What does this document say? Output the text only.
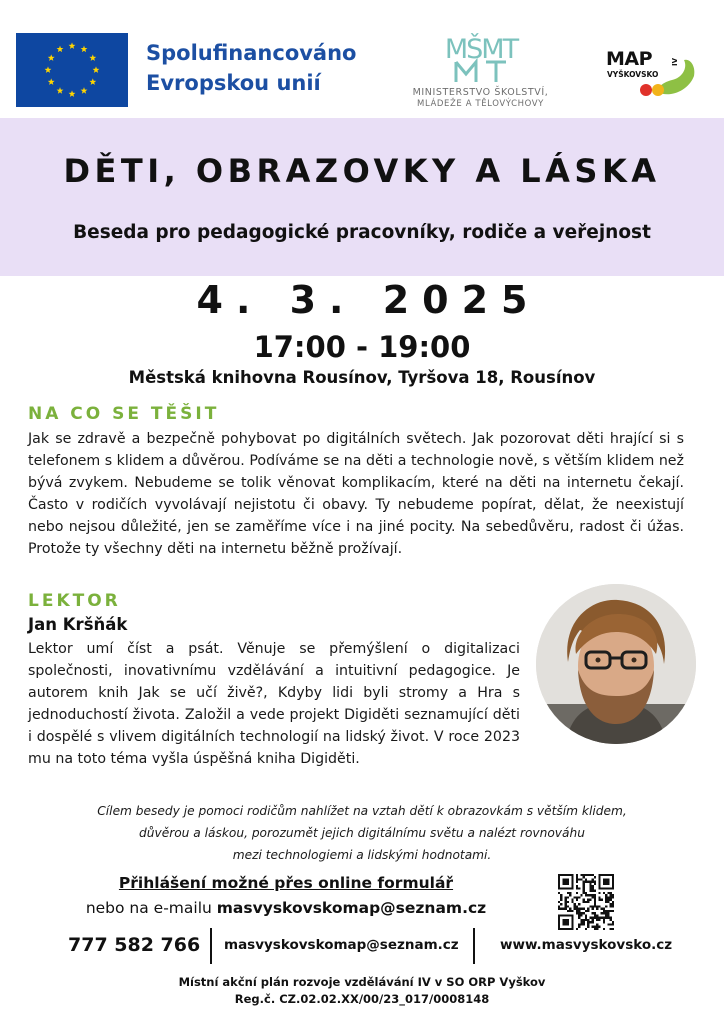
Spolufinancováno
Evropskou unií
MŠMT
MINISTERSTVO ŠKOLSTVÍ,
MLÁDEŽE A TĚLOVÝCHOVY
MAP
VYŠKOVSKO
IV
DĚTI, OBRAZOVKY A LÁSKA
Beseda pro pedagogické pracovníky, rodiče a veřejnost
4. 3. 2025
17:00 - 19:00
Městská knihovna Rousínov, Tyršova 18, Rousínov
NA CO SE TĚŠIT
Jak se zdravě a bezpečně pohybovat po digitálních světech. Jak pozorovat děti hrající si s telefonem s klidem a důvěrou. Podíváme se na děti a technologie nově, s větším klidem než bývá zvykem. Nebudeme se tolik věnovat komplikacím, které na děti na internetu čekají. Často v rodičích vyvolávají nejistotu či obavy. Ty nebudeme popírat, dělat, že neexistují nebo nejsou důležité, jen se zaměříme více i na jiné pocity. Na sebedůvěru, radost či úžas. Protože ty všechny děti na internetu běžně prožívají.
LEKTOR
Jan Kršňák
Lektor umí číst a psát. Věnuje se přemýšlení o digitalizaci společnosti, inovativnímu vzdělávání a intuitivní pedagogice. Je autorem knih Jak se učí živě?, Kdyby lidi byli stromy a Hra s jednoduchostí života. Založil a vede projekt Digiděti seznamující děti i dospělé s vlivem digitálních technologií na lidský život. V roce 2023 mu na toto téma vyšla úspěšná kniha Digiděti.
Cílem besedy je pomoci rodičům nahlížet na vztah dětí k obrazovkám s větším klidem,
důvěrou a láskou, porozumět jejich digitálnímu světu a nalézt rovnováhu
mezi technologiemi a lidskými hodnotami.
Přihlášení možné přes online formulář
nebo na e-mailu masvyskovskomap@seznam.cz
777 582 766 masvyskovskomap@seznam.cz	www.masvyskovsko.cz
Místní akční plán rozvoje vzdělávání IV v SO ORP Vyškov
Reg.č. CZ.02.02.XX/00/23_017/0008148
